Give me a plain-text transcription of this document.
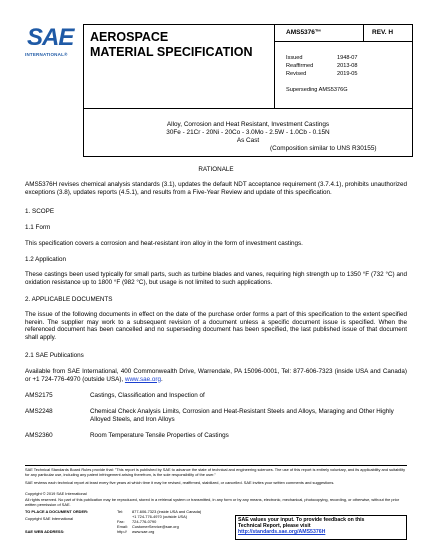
SAE
INTERNATIONAL®
AEROSPACE
MATERIAL SPECIFICATION
AMS5376™	REV. H
Issued	1948-07
Reaffirmed	2013-08
Revised	2019-05
Superseding AMS5376G
Alloy, Corrosion and Heat Resistant, Investment Castings
30Fe - 21Cr - 20Ni - 20Co - 3.0Mo - 2.5W - 1.0Cb - 0.15N
As Cast
(Composition similar to UNS R30155)
RATIONALE
AMS5376H revises chemical analysis standards (3.1), updates the default NDT acceptance requirement (3.7.4.1), prohibits unauthorized exceptions (3.8), updates reports (4.5.1), and results from a Five-Year Review and update of this specification.
1. SCOPE
1.1 Form
This specification covers a corrosion and heat-resistant iron alloy in the form of investment castings.
1.2 Application
These castings been used typically for small parts, such as turbine blades and vanes, requiring high strength up to 1350 °F (732 °C) and oxidation resistance up to 1800 °F (982 °C), but usage is not limited to such applications.
2. APPLICABLE DOCUMENTS
The issue of the following documents in effect on the date of the purchase order forms a part of this specification to the extent specified herein. The supplier may work to a subsequent revision of a document unless a specific document issue is specified. When the referenced document has been cancelled and no superseding document has been specified, the last published issue of that document shall apply.
2.1 SAE Publications
Available from SAE International, 400 Commonwealth Drive, Warrendale, PA 15096-0001, Tel: 877-606-7323 (inside USA and Canada) or +1 724-776-4970 (outside USA), www.sae.org.
AMS2175	Castings, Classification and Inspection of
AMS2248	Chemical Check Analysis Limits, Corrosion and Heat-Resistant Steels and Alloys, Maraging and Other Highly Alloyed Steels, and Iron Alloys
AMS2360	Room Temperature Tensile Properties of Castings
SAE Technical Standards Board Rules provide that: "This report is published by SAE to advance the state of technical and engineering sciences. The use of this report is entirely voluntary, and its applicability and suitability for any particular use, including any patent infringement arising therefrom, is the sole responsibility of the user."
SAE reviews each technical report at least every five years at which time it may be revised, reaffirmed, stabilized, or cancelled. SAE invites your written comments and suggestions.
Copyright © 2019 SAE International
All rights reserved. No part of this publication may be reproduced, stored in a retrieval system or transmitted, in any form or by any means, electronic, mechanical, photocopying, recording, or otherwise, without the prior written permission of SAE.
TO PLACE A DOCUMENT ORDER:	Tel: 877-606-7323 (inside USA and Canada)
+1 724-776-4970 (outside USA)
Fax: 724-776-0790
Email: CustomerService@sae.org
http:// www.sae.org
SAE WEB ADDRESS:
Copyright SAE International	SAE values your input. To provide feedback on this
Technical Report, please visit
http://standards.sae.org/AMS5376H
